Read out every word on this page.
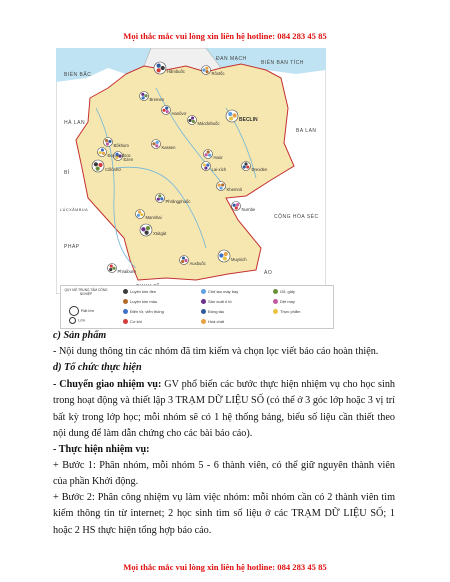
Mọi thắc mắc vui lòng xin liên hệ hotline: 084 283 45 85
ĐAN MẠCH
BIỂN BAN TÍCH
BIỂN BẮC
HÀ LAN
BỈ
LÚCXĂMBUA
CỘNG HÒA SÉC
PHÁP
ÁO
BA LAN
Hămbuốc	Rôxtốc
Bremen
Hanôvơ
BECLIN
Mácđơbuốc
Bôkhum
Đuyxenđooc
Côlônhơ
Haiơ
Lai-xích	Đrexđen
Khemnit
Phrăngphuốc
Nurnbe
Mannhai
Xtútgát
Auxbuốc
Muynich
Phraiburơ
Kassen
Ezen
QUY MÔ TRUNG TÂM CÔNG NGHIỆP
Rất lớn
Lớn
Luyện kim đen
Luyện kim màu
Điện tử, viễn thông
Cơ khí
Chế tạo máy bay
Sản xuất ô tô
Đóng tàu
Hoá chất
Gỗ, giấy
Dệt may
Thực phẩm
c) Sản phẩm
- Nội dung thông tin các nhóm đã tìm kiếm và chọn lọc viết báo cáo hoàn thiện.
d) Tổ chức thực hiện
- Chuyển giao nhiệm vụ: GV phổ biến các bước thực hiện nhiệm vụ cho học sinh trong hoạt động và thiết lập 3 TRẠM DỮ LIỆU SỐ (có thể ở 3 góc lớp hoặc 3 vị trí bất kỳ trong lớp học; mỗi nhóm sẽ có 1 hệ thống bảng, biểu số liệu cần thiết theo nội dung để làm dẫn chứng cho các bài báo cáo).
- Thực hiện nhiệm vụ:
+ Bước 1: Phân nhóm, mỗi nhóm 5 - 6 thành viên, có thể giữ nguyên thành viên của phần Khởi động.
+ Bước 2: Phân công nhiệm vụ làm việc nhóm: mỗi nhóm cần có 2 thành viên tìm kiếm thông tin từ internet; 2 học sinh tìm số liệu ở các TRẠM DỮ LIỆU SỐ; 1 hoặc 2 HS thực hiện tổng hợp báo cáo.
Mọi thắc mắc vui lòng xin liên hệ hotline: 084 283 45 85
